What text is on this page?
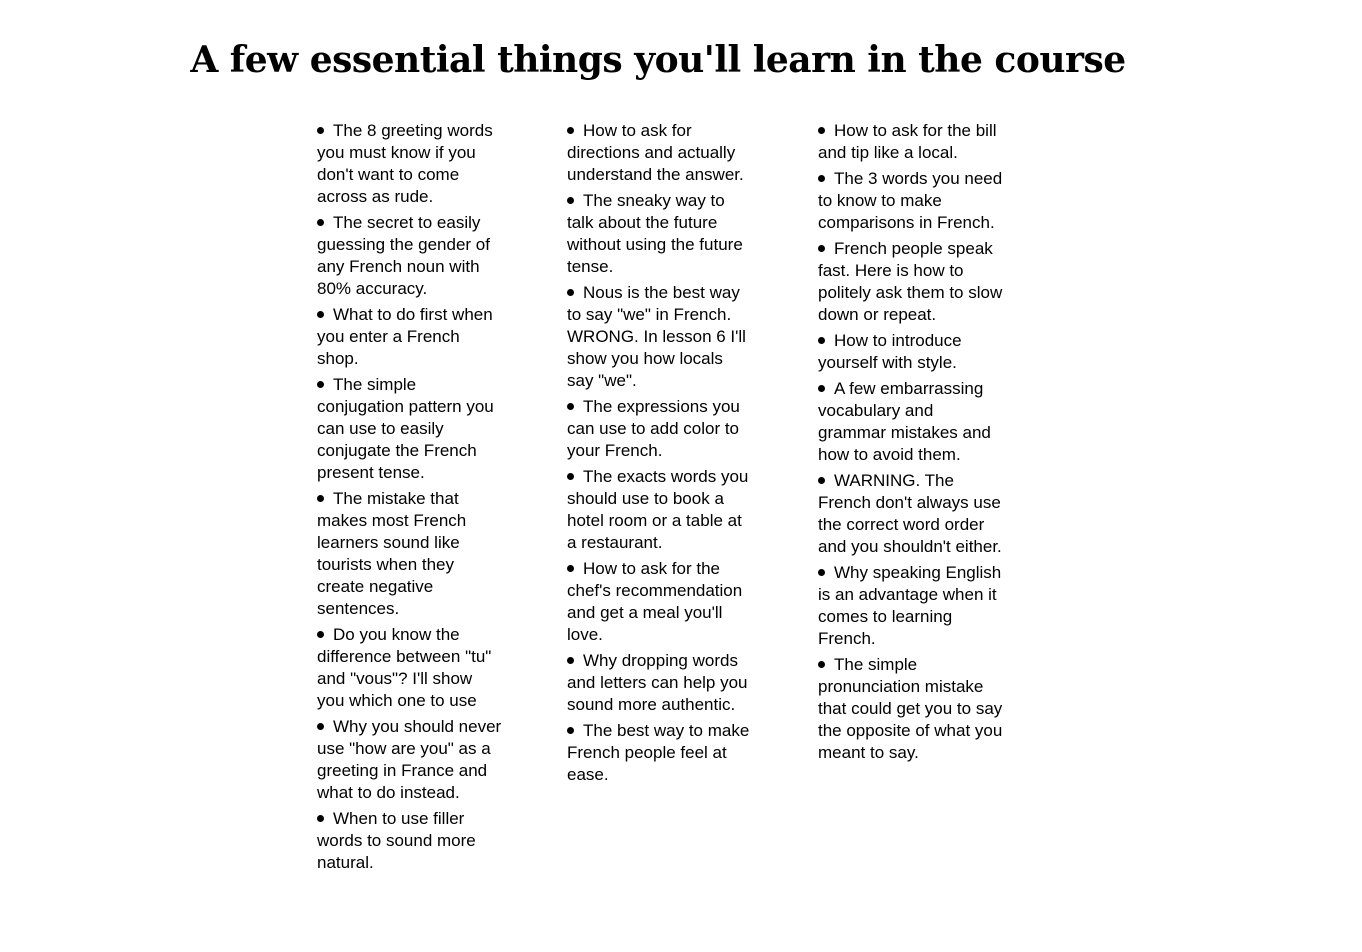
A few essential things you'll learn in the course
The 8 greeting words you must know if you don't want to come across as rude.
The secret to easily guessing the gender of any French noun with 80% accuracy.
What to do first when you enter a French shop.
The simple conjugation pattern you can use to easily conjugate the French present tense.
The mistake that makes most French learners sound like tourists when they create negative sentences.
Do you know the difference between "tu" and "vous"? I'll show you which one to use
Why you should never use "how are you" as a greeting in France and what to do instead.
When to use filler words to sound more natural.
How to ask for directions and actually understand the answer.
The sneaky way to talk about the future without using the future tense.
Nous is the best way to say "we" in French. WRONG. In lesson 6 I'll show you how locals say "we".
The expressions you can use to add color to your French.
The exacts words you should use to book a hotel room or a table at a restaurant.
How to ask for the chef's recommendation and get a meal you'll love.
Why dropping words and letters can help you sound more authentic.
The best way to make French people feel at ease.
How to ask for the bill and tip like a local.
The 3 words you need to know to make comparisons in French.
French people speak fast. Here is how to politely ask them to slow down or repeat.
How to introduce yourself with style.
A few embarrassing vocabulary and grammar mistakes and how to avoid them.
WARNING. The French don't always use the correct word order and you shouldn't either.
Why speaking English is an advantage when it comes to learning French.
The simple pronunciation mistake that could get you to say the opposite of what you meant to say.
